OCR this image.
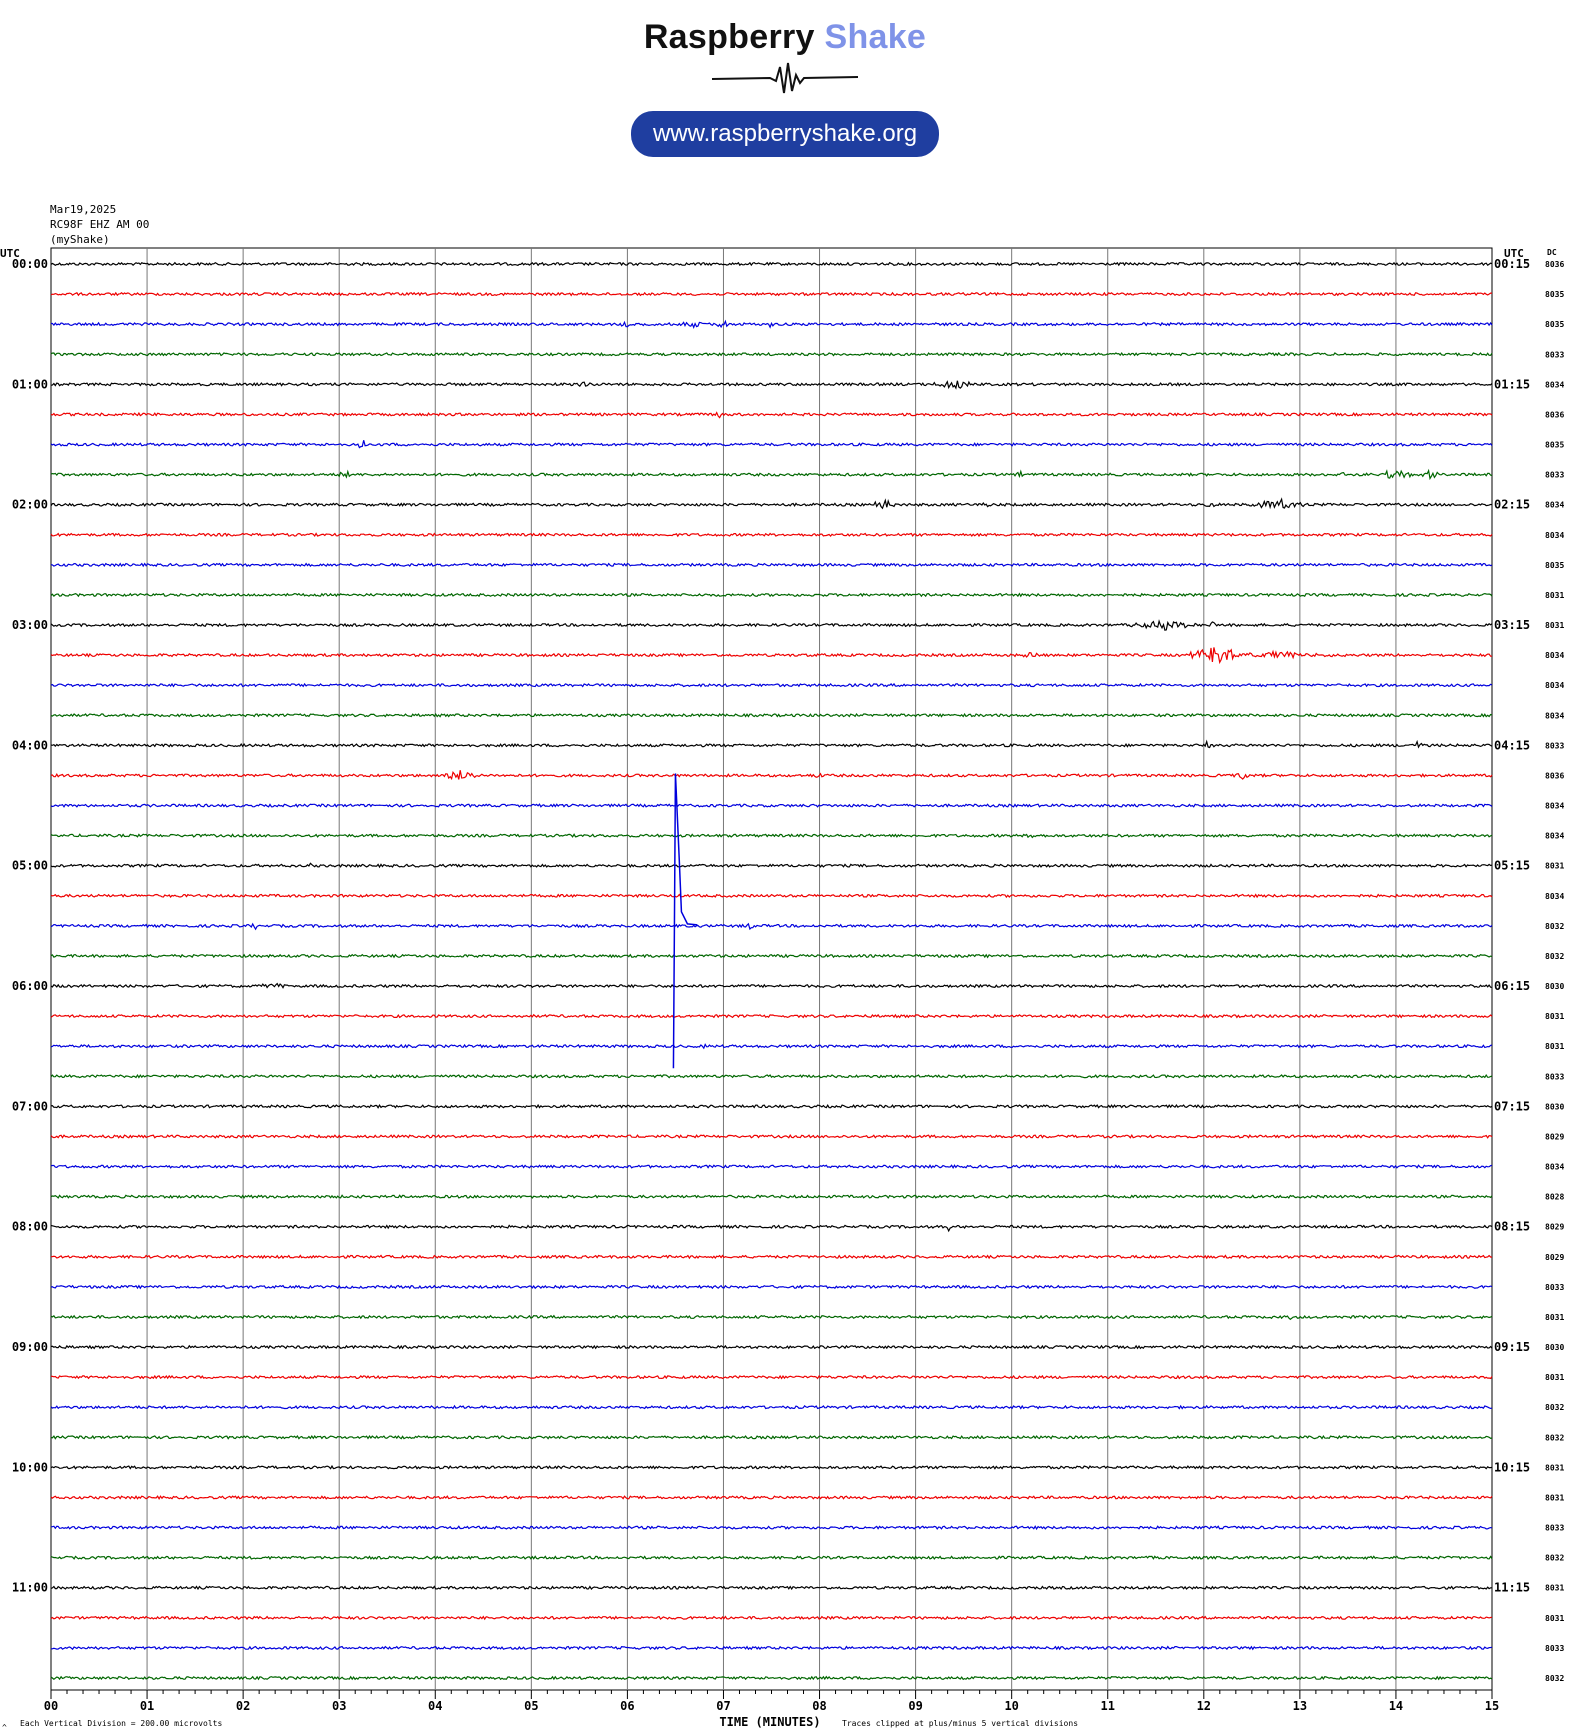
Raspberry Shake
www.raspberryshake.org
Mar19,2025
RC98F EHZ AM 00
(myShake)
8036
8035
8035
8033
8034
8036
8035
8033
8034
8034
8035
8031
8031
8034
8034
8034
8033
8036
8034
8034
8031
8034
8032
8032
8030
8031
8031
8033
8030
8029
8034
8028
8029
8029
8033
8031
8030
8031
8032
8032
8031
8031
8033
8032
8031
8031
8033
8032
00:00	00:15
01:00	01:15
02:00	02:15
03:00	03:15
04:00	04:15
05:00	05:15
06:00	06:15
07:00	07:15
08:00	08:15
09:00	09:15
10:00	10:15
11:00	11:15
UTC	UTC	DC
00	01	02	03	04	05	06	07	08	09	10	11	12	13	14	15
TIME (MINUTES)
Each Vertical Division = 200.00 microvolts	Traces clipped at plus/minus 5 vertical divisions
^
